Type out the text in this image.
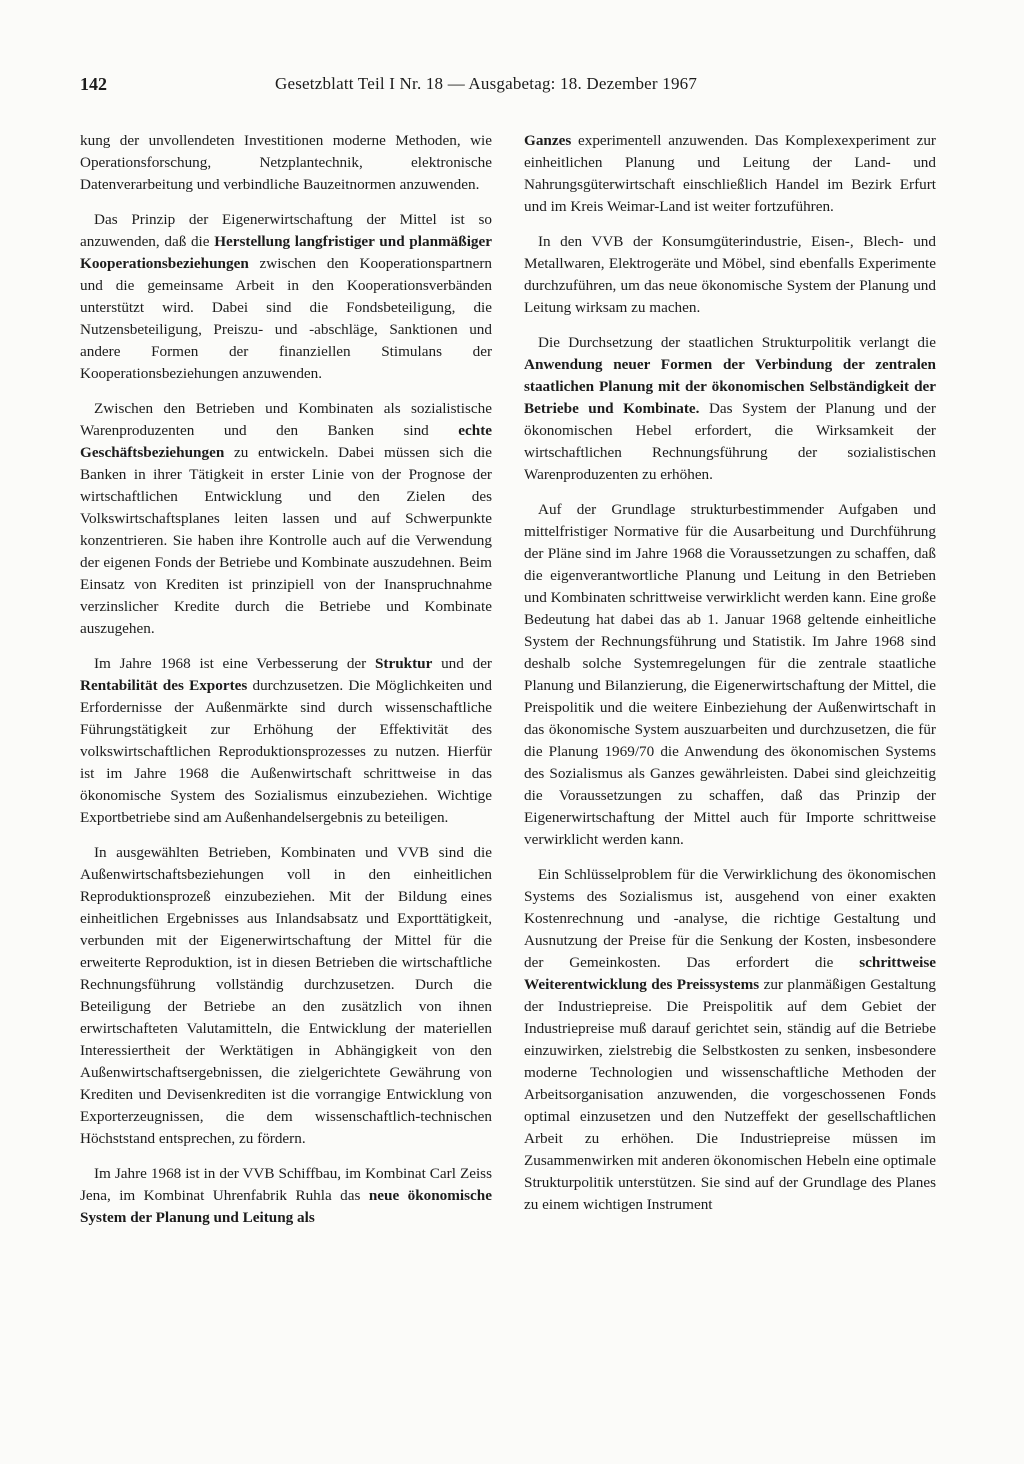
142	Gesetzblatt Teil I Nr. 18 — Ausgabetag: 18. Dezember 1967

kung der unvollendeten Investitionen moderne Methoden, wie Operationsforschung, Netzplantechnik, elektronische Datenverarbeitung und verbindliche Bauzeitnormen anzuwenden.

Das Prinzip der Eigenerwirtschaftung der Mittel ist so anzuwenden, daß die Herstellung langfristiger und planmäßiger Kooperationsbeziehungen zwischen den Kooperationspartnern und die gemeinsame Arbeit in den Kooperationsverbänden unterstützt wird. Dabei sind die Fondsbeteiligung, die Nutzensbeteiligung, Preiszu- und -abschläge, Sanktionen und andere Formen der finanziellen Stimulans der Kooperationsbeziehungen anzuwenden.

Zwischen den Betrieben und Kombinaten als sozialistische Warenproduzenten und den Banken sind echte Geschäftsbeziehungen zu entwickeln. Dabei müssen sich die Banken in ihrer Tätigkeit in erster Linie von der Prognose der wirtschaftlichen Entwicklung und den Zielen des Volkswirtschaftsplanes leiten lassen und auf Schwerpunkte konzentrieren. Sie haben ihre Kontrolle auch auf die Verwendung der eigenen Fonds der Betriebe und Kombinate auszudehnen. Beim Einsatz von Krediten ist prinzipiell von der Inanspruchnahme verzinslicher Kredite durch die Betriebe und Kombinate auszugehen.

Im Jahre 1968 ist eine Verbesserung der Struktur und der Rentabilität des Exportes durchzusetzen. Die Möglichkeiten und Erfordernisse der Außenmärkte sind durch wissenschaftliche Führungstätigkeit zur Erhöhung der Effektivität des volkswirtschaftlichen Reproduktionsprozesses zu nutzen. Hierfür ist im Jahre 1968 die Außenwirtschaft schrittweise in das ökonomische System des Sozialismus einzubeziehen. Wichtige Exportbetriebe sind am Außenhandelsergebnis zu beteiligen.

In ausgewählten Betrieben, Kombinaten und VVB sind die Außenwirtschaftsbeziehungen voll in den einheitlichen Reproduktionsprozeß einzubeziehen. Mit der Bildung eines einheitlichen Ergebnisses aus Inlandsabsatz und Exporttätigkeit, verbunden mit der Eigenerwirtschaftung der Mittel für die erweiterte Reproduktion, ist in diesen Betrieben die wirtschaftliche Rechnungsführung vollständig durchzusetzen. Durch die Beteiligung der Betriebe an den zusätzlich von ihnen erwirtschafteten Valutamitteln, die Entwicklung der materiellen Interessiertheit der Werktätigen in Abhängigkeit von den Außenwirtschaftsergebnissen, die zielgerichtete Gewährung von Krediten und Devisenkrediten ist die vorrangige Entwicklung von Exporterzeugnissen, die dem wissenschaftlich-technischen Höchststand entsprechen, zu fördern.

Im Jahre 1968 ist in der VVB Schiffbau, im Kombinat Carl Zeiss Jena, im Kombinat Uhrenfabrik Ruhla das neue ökonomische System der Planung und Leitung als

Ganzes experimentell anzuwenden. Das Komplexexperiment zur einheitlichen Planung und Leitung der Land- und Nahrungsgüterwirtschaft einschließlich Handel im Bezirk Erfurt und im Kreis Weimar-Land ist weiter fortzuführen.

In den VVB der Konsumgüterindustrie, Eisen-, Blech- und Metallwaren, Elektrogeräte und Möbel, sind ebenfalls Experimente durchzuführen, um das neue ökonomische System der Planung und Leitung wirksam zu machen.

Die Durchsetzung der staatlichen Strukturpolitik verlangt die Anwendung neuer Formen der Verbindung der zentralen staatlichen Planung mit der ökonomischen Selbständigkeit der Betriebe und Kombinate. Das System der Planung und der ökonomischen Hebel erfordert, die Wirksamkeit der wirtschaftlichen Rechnungsführung der sozialistischen Warenproduzenten zu erhöhen.

Auf der Grundlage strukturbestimmender Aufgaben und mittelfristiger Normative für die Ausarbeitung und Durchführung der Pläne sind im Jahre 1968 die Voraussetzungen zu schaffen, daß die eigenverantwortliche Planung und Leitung in den Betrieben und Kombinaten schrittweise verwirklicht werden kann. Eine große Bedeutung hat dabei das ab 1. Januar 1968 geltende einheitliche System der Rechnungsführung und Statistik. Im Jahre 1968 sind deshalb solche Systemregelungen für die zentrale staatliche Planung und Bilanzierung, die Eigenerwirtschaftung der Mittel, die Preispolitik und die weitere Einbeziehung der Außenwirtschaft in das ökonomische System auszuarbeiten und durchzusetzen, die für die Planung 1969/70 die Anwendung des ökonomischen Systems des Sozialismus als Ganzes gewährleisten. Dabei sind gleichzeitig die Voraussetzungen zu schaffen, daß das Prinzip der Eigenerwirtschaftung der Mittel auch für Importe schrittweise verwirklicht werden kann.

Ein Schlüsselproblem für die Verwirklichung des ökonomischen Systems des Sozialismus ist, ausgehend von einer exakten Kostenrechnung und -analyse, die richtige Gestaltung und Ausnutzung der Preise für die Senkung der Kosten, insbesondere der Gemeinkosten. Das erfordert die schrittweise Weiterentwicklung des Preissystems zur planmäßigen Gestaltung der Industriepreise. Die Preispolitik auf dem Gebiet der Industriepreise muß darauf gerichtet sein, ständig auf die Betriebe einzuwirken, zielstrebig die Selbstkosten zu senken, insbesondere moderne Technologien und wissenschaftliche Methoden der Arbeitsorganisation anzuwenden, die vorgeschossenen Fonds optimal einzusetzen und den Nutzeffekt der gesellschaftlichen Arbeit zu erhöhen. Die Industriepreise müssen im Zusammenwirken mit anderen ökonomischen Hebeln eine optimale Strukturpolitik unterstützen. Sie sind auf der Grundlage des Planes zu einem wichtigen Instrument
